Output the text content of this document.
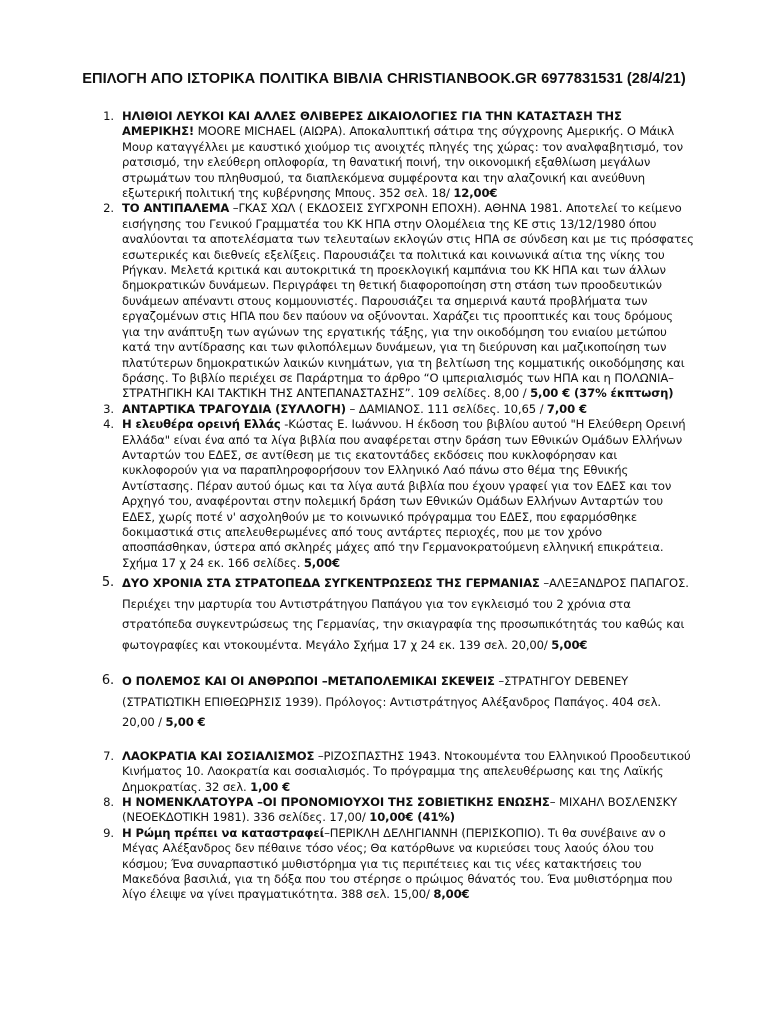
ΕΠΙΛΟΓΗ ΑΠΟ ΙΣΤΟΡΙΚΑ ΠΟΛΙΤΙΚΑ ΒΙΒΛΙΑ CHRISTIANBOOK.GR 6977831531 (28/4/21)
1. ΗΛΙΘΙΟΙ ΛΕΥΚΟΙ ΚΑΙ ΑΛΛΕΣ ΘΛΙΒΕΡΕΣ ΔΙΚΑΙΟΛΟΓΙΕΣ ΓΙΑ ΤΗΝ ΚΑΤΑΣΤΑΣΗ ΤΗΣ ΑΜΕΡΙΚΗΣ! MOORE MICHAEL (ΑΙΩΡΑ). Αποκαλυπτική σάτιρα της σύγχρονης Αμερικής. Ο Μάικλ Μουρ καταγγέλλει με καυστικό χιούμορ τις ανοιχτές πληγές της χώρας: τον αναλφαβητισμό, τον ρατσισμό, την ελεύθερη οπλοφορία, τη θανατική ποινή, την οικονομική εξαθλίωση μεγάλων στρωμάτων του πληθυσμού, τα διαπλεκόμενα συμφέροντα και την αλαζονική και ανεύθυνη εξωτερική πολιτική της κυβέρνησης Μπους. 352 σελ. 18/ 12,00€
2. ΤΟ ΑΝΤΙΠΑΛΕΜΑ –ΓΚΑΣ ΧΩΛ ( ΕΚΔΟΣΕΙΣ ΣΥΓΧΡΟΝΗ ΕΠΟΧΗ). ΑΘΗΝΑ 1981. Αποτελεί το κείμενο εισήγησης του Γενικού Γραμματέα του ΚΚ ΗΠΑ στην Ολομέλεια της ΚΕ στις 13/12/1980 όπου αναλύονται τα αποτελέσματα των τελευταίων εκλογών στις ΗΠΑ σε σύνδεση και με τις πρόσφατες εσωτερικές και διεθνείς εξελίξεις. Παρουσιάζει τα πολιτικά και κοινωνικά αίτια της νίκης του Ρήγκαν. Μελετά κριτικά και αυτοκριτικά τη προεκλογική καμπάνια του ΚΚ ΗΠΑ και των άλλων δημοκρατικών δυνάμεων. Περιγράφει τη θετική διαφοροποίηση στη στάση των προοδευτικών δυνάμεων απέναντι στους κομμουνιστές. Παρουσιάζει τα σημερινά καυτά προβλήματα των εργαζομένων στις ΗΠΑ που δεν παύουν να οξύνονται. Χαράζει τις προοπτικές και τους δρόμους για την ανάπτυξη των αγώνων της εργατικής τάξης, για την οικοδόμηση του ενιαίου μετώπου κατά την αντίδρασης και των φιλοπόλεμων δυνάμεων, για τη διεύρυνση και μαζικοποίηση των πλατύτερων δημοκρατικών λαικών κινημάτων, για τη βελτίωση της κομματικής οικοδόμησης και δράσης. Το βιβλίο περιέχει σε Παράρτημα το άρθρο “Ο ιμπεριαλισμός των ΗΠΑ και η ΠΟΛΩΝΙΑ–ΣΤΡΑΤΗΓΙΚΗ ΚΑΙ ΤΑΚΤΙΚΗ ΤΗΣ ΑΝΤΕΠΑΝΑΣΤΑΣΗΣ”. 109 σελίδες. 8,00 / 5,00 € (37% έκπτωση)
3. ΑΝΤΑΡΤΙΚΑ ΤΡΑΓΟΥΔΙΑ (ΣΥΛΛΟΓΗ) – ΔΑΜΙΑΝΟΣ. 111 σελίδες. 10,65 / 7,00 €
4. Η ελευθέρα ορεινή Ελλάς -Κώστας Ε. Ιωάννου. Η έκδοση του βιβλίου αυτού "Η Ελεύθερη Ορεινή Ελλάδα" είναι ένα από τα λίγα βιβλία που αναφέρεται στην δράση των Εθνικών Ομάδων Ελλήνων Ανταρτών του ΕΔΕΣ, σε αντίθεση με τις εκατοντάδες εκδόσεις που κυκλοφόρησαν και κυκλοφορούν για να παραπληροφορήσουν τον Ελληνικό Λαό πάνω στο θέμα της Εθνικής Αντίστασης. Πέραν αυτού όμως και τα λίγα αυτά βιβλία που έχουν γραφεί για τον ΕΔΕΣ και τον Αρχηγό του, αναφέρονται στην πολεμική δράση των Εθνικών Ομάδων Ελλήνων Ανταρτών του ΕΔΕΣ, χωρίς ποτέ ν' ασχοληθούν με το κοινωνικό πρόγραμμα του ΕΔΕΣ, που εφαρμόσθηκε δοκιμαστικά στις απελευθερωμένες από τους αντάρτες περιοχές, που με τον χρόνο αποσπάσθηκαν, ύστερα από σκληρές μάχες από την Γερμανοκρατούμενη ελληνική επικράτεια. Σχήμα 17 χ 24 εκ. 166 σελίδες. 5,00€
5. ΔΥΟ ΧΡΟΝΙΑ ΣΤΑ ΣΤΡΑΤΟΠΕΔΑ ΣΥΓΚΕΝΤΡΩΣΕΩΣ ΤΗΣ ΓΕΡΜΑΝΙΑΣ –ΑΛΕΞΑΝΔΡΟΣ ΠΑΠΑΓΟΣ. Περιέχει την μαρτυρία του Αντιστράτηγου Παπάγου για τον εγκλεισμό του 2 χρόνια στα στρατόπεδα συγκεντρώσεως της Γερμανίας, την σκιαγραφία της προσωπικότητάς του καθώς και φωτογραφίες και ντοκουμέντα. Μεγάλο Σχήμα 17 χ 24 εκ. 139 σελ. 20,00/ 5,00€
6. Ο ΠΟΛΕΜΟΣ ΚΑΙ ΟΙ ΑΝΘΡΩΠΟΙ –ΜΕΤΑΠΟΛΕΜΙΚΑΙ ΣΚΕΨΕΙΣ –ΣΤΡΑΤΗΓΟΥ DEBENEY (ΣΤΡΑΤΙΩΤΙΚΗ ΕΠΙΘΕΩΡΗΣΙΣ 1939). Πρόλογος: Αντιστράτηγος Αλέξανδρος Παπάγος. 404 σελ. 20,00 / 5,00 €
7. ΛΑΟΚΡΑΤΙΑ ΚΑΙ ΣΟΣΙΑΛΙΣΜΟΣ –ΡΙΖΟΣΠΑΣΤΗΣ 1943. Ντοκουμέντα του Ελληνικού Προοδευτικού Κινήματος 10. Λαοκρατία και σοσιαλισμός. Το πρόγραμμα της απελευθέρωσης και της Λαϊκής Δημοκρατίας. 32 σελ. 1,00 €
8. Η ΝΟΜΕΝΚΛΑΤΟΥΡΑ –ΟΙ ΠΡΟΝΟΜΙΟΥΧΟΙ ΤΗΣ ΣΟΒΙΕΤΙΚΗΣ ΕΝΩΣΗΣ– ΜΙΧΑΗΛ ΒΟΣΛΕΝΣΚΥ (ΝΕΟΕΚΔΟΤΙΚΗ 1981). 336 σελίδες. 17,00/ 10,00€ (41%)
9. Η Ρώμη πρέπει να καταστραφεί–ΠΕΡΙΚΛΗ ΔΕΛΗΓΙΑΝΝΗ (ΠΕΡΙΣΚΟΠΙΟ). Τι θα συνέβαινε αν ο Μέγας Αλέξανδρος δεν πέθαινε τόσο νέος; Θα κατόρθωνε να κυριεύσει τους λαούς όλου του κόσμου; Ένα συναρπαστικό μυθιστόρημα για τις περιπέτειες και τις νέες κατακτήσεις του Μακεδόνα βασιλιά, για τη δόξα που του στέρησε ο πρώιμος θάνατός του. Ένα μυθιστόρημα που λίγο έλειψε να γίνει πραγματικότητα. 388 σελ. 15,00/ 8,00€
